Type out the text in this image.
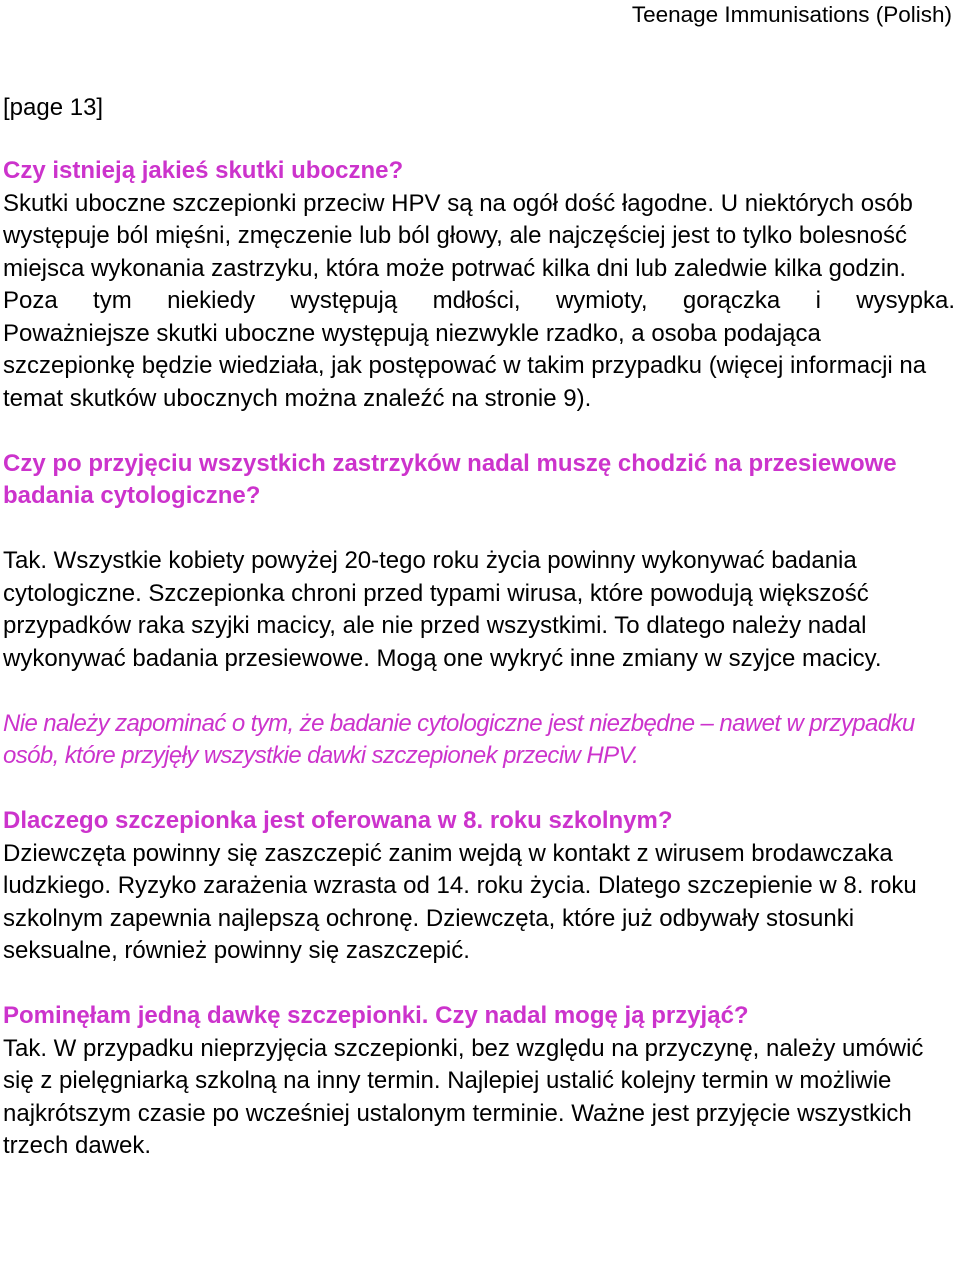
Teenage Immunisations (Polish)
[page 13]

Czy istnieją jakieś skutki uboczne?

Skutki uboczne szczepionki przeciw HPV są na ogół dość łagodne. U niektórych osób występuje ból mięśni, zmęczenie lub ból głowy, ale najczęściej jest to tylko bolesność miejsca wykonania zastrzyku, która może potrwać kilka dni lub zaledwie kilka godzin.

Poza tym niekiedy występują mdłości, wymioty, gorączka i wysypka.

Poważniejsze skutki uboczne występują niezwykle rzadko, a osoba podająca szczepionkę będzie wiedziała, jak postępować w takim przypadku (więcej informacji na temat skutków ubocznych można znaleźć na stronie 9).

Czy po przyjęciu wszystkich zastrzyków nadal muszę chodzić na przesiewowe badania cytologiczne?

Tak. Wszystkie kobiety powyżej 20-tego roku życia powinny wykonywać badania cytologiczne. Szczepionka chroni przed typami wirusa, które powodują większość przypadków raka szyjki macicy, ale nie przed wszystkimi. To dlatego należy nadal wykonywać badania przesiewowe. Mogą one wykryć inne zmiany w szyjce macicy.

Nie należy zapominać o tym, że badanie cytologiczne jest niezbędne – nawet w przypadku osób, które przyjęły wszystkie dawki szczepionek przeciw HPV.

Dlaczego szczepionka jest oferowana w 8. roku szkolnym?

Dziewczęta powinny się zaszczepić zanim wejdą w kontakt z wirusem brodawczaka ludzkiego. Ryzyko zarażenia wzrasta od 14. roku życia. Dlatego szczepienie w 8. roku szkolnym zapewnia najlepszą ochronę. Dziewczęta, które już odbywały stosunki seksualne, również powinny się zaszczepić.

Pominęłam jedną dawkę szczepionki. Czy nadal mogę ją przyjąć?

Tak. W przypadku nieprzyjęcia szczepionki, bez względu na przyczynę, należy umówić się z pielęgniarką szkolną na inny termin. Najlepiej ustalić kolejny termin w możliwie najkrótszym czasie po wcześniej ustalonym terminie. Ważne jest przyjęcie wszystkich trzech dawek.
